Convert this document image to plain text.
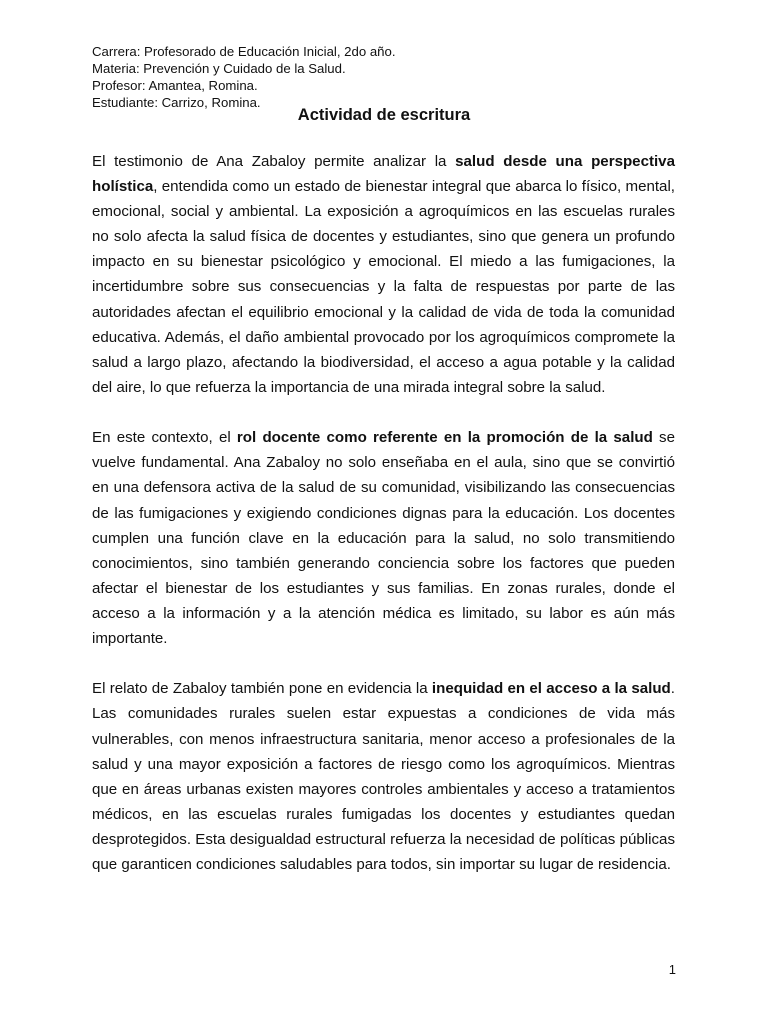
Carrera: Profesorado de Educación Inicial, 2do año.
Materia: Prevención y Cuidado de la Salud.
Profesor: Amantea, Romina.
Estudiante: Carrizo, Romina.
Actividad de escritura

El testimonio de Ana Zabaloy permite analizar la salud desde una perspectiva holística, entendida como un estado de bienestar integral que abarca lo físico, mental, emocional, social y ambiental. La exposición a agroquímicos en las escuelas rurales no solo afecta la salud física de docentes y estudiantes, sino que genera un profundo impacto en su bienestar psicológico y emocional. El miedo a las fumigaciones, la incertidumbre sobre sus consecuencias y la falta de respuestas por parte de las autoridades afectan el equilibrio emocional y la calidad de vida de toda la comunidad educativa. Además, el daño ambiental provocado por los agroquímicos compromete la salud a largo plazo, afectando la biodiversidad, el acceso a agua potable y la calidad del aire, lo que refuerza la importancia de una mirada integral sobre la salud.

En este contexto, el rol docente como referente en la promoción de la salud se vuelve fundamental. Ana Zabaloy no solo enseñaba en el aula, sino que se convirtió en una defensora activa de la salud de su comunidad, visibilizando las consecuencias de las fumigaciones y exigiendo condiciones dignas para la educación. Los docentes cumplen una función clave en la educación para la salud, no solo transmitiendo conocimientos, sino también generando conciencia sobre los factores que pueden afectar el bienestar de los estudiantes y sus familias. En zonas rurales, donde el acceso a la información y a la atención médica es limitado, su labor es aún más importante.

El relato de Zabaloy también pone en evidencia la inequidad en el acceso a la salud. Las comunidades rurales suelen estar expuestas a condiciones de vida más vulnerables, con menos infraestructura sanitaria, menor acceso a profesionales de la salud y una mayor exposición a factores de riesgo como los agroquímicos. Mientras que en áreas urbanas existen mayores controles ambientales y acceso a tratamientos médicos, en las escuelas rurales fumigadas los docentes y estudiantes quedan desprotegidos. Esta desigualdad estructural refuerza la necesidad de políticas públicas que garanticen condiciones saludables para todos, sin importar su lugar de residencia.

1
